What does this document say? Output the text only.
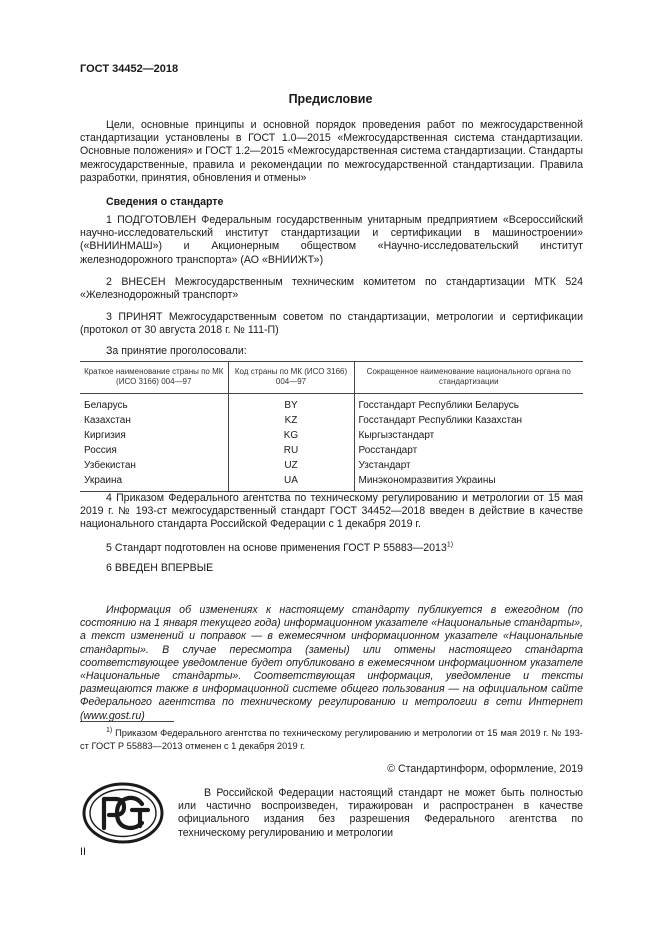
ГОСТ 34452—2018
Предисловие

Цели, основные принципы и основной порядок проведения работ по межгосударственной стандартизации установлены в ГОСТ 1.0—2015 «Межгосударственная система стандартизации. Основные положения» и ГОСТ 1.2—2015 «Межгосударственная система стандартизации. Стандарты межгосударственные, правила и рекомендации по межгосударственной стандартизации. Правила разработки, принятия, обновления и отмены»

Сведения о стандарте

1 ПОДГОТОВЛЕН Федеральным государственным унитарным предприятием «Всероссийский научно-исследовательский институт стандартизации и сертификации в машиностроении» («ВНИИНМАШ») и Акционерным обществом «Научно-исследовательский институт железнодорожного транспорта» (АО «ВНИИЖТ»)

2 ВНЕСЕН Межгосударственным техническим комитетом по стандартизации МТК 524 «Железнодорожный транспорт»

3 ПРИНЯТ Межгосударственным советом по стандартизации, метрологии и сертификации (протокол от 30 августа 2018 г. № 111-П)

За принятие проголосовали:

Краткое наименование страны по МК (ИСО 3166) 004—97	Код страны по МК (ИСО 3166) 004—97	Сокращенное наименование национального органа по стандартизации
Беларусь	BY	Госстандарт Республики Беларусь
Казахстан	KZ	Госстандарт Республики Казахстан
Киргизия	KG	Кыргызстандарт
Россия	RU	Росстандарт
Узбекистан	UZ	Узстандарт
Украина	UA	Минэкономразвития Украины

4 Приказом Федерального агентства по техническому регулированию и метрологии от 15 мая 2019 г. № 193-ст межгосударственный стандарт ГОСТ 34452—2018 введен в действие в качестве национального стандарта Российской Федерации с 1 декабря 2019 г.

5 Стандарт подготовлен на основе применения ГОСТ Р 55883—2013$^{1)}$

6 ВВЕДЕН ВПЕРВЫЕ

Информация об изменениях к настоящему стандарту публикуется в ежегодном (по состоянию на 1 января текущего года) информационном указателе «Национальные стандарты», а текст изменений и поправок — в ежемесячном информационном указателе «Национальные стандарты». В случае пересмотра (замены) или отмены настоящего стандарта соответствующее уведомление будет опубликовано в ежемесячном информационном указателе «Национальные стандарты». Соответствующая информация, уведомление и тексты размещаются также в информационной системе общего пользования — на официальном сайте Федерального агентства по техническому регулированию и метрологии в сети Интернет (www.gost.ru)

$^{1)}$ Приказом Федерального агентства по техническому регулированию и метрологии от 15 мая 2019 г. № 193-ст ГОСТ Р 55883—2013 отменен с 1 декабря 2019 г.

© Стандартинформ, оформление, 2019

В Российской Федерации настоящий стандарт не может быть полностью или частично воспроизведен, тиражирован и распространен в качестве официального издания без разрешения Федерального агентства по техническому регулированию и метрологии

II
